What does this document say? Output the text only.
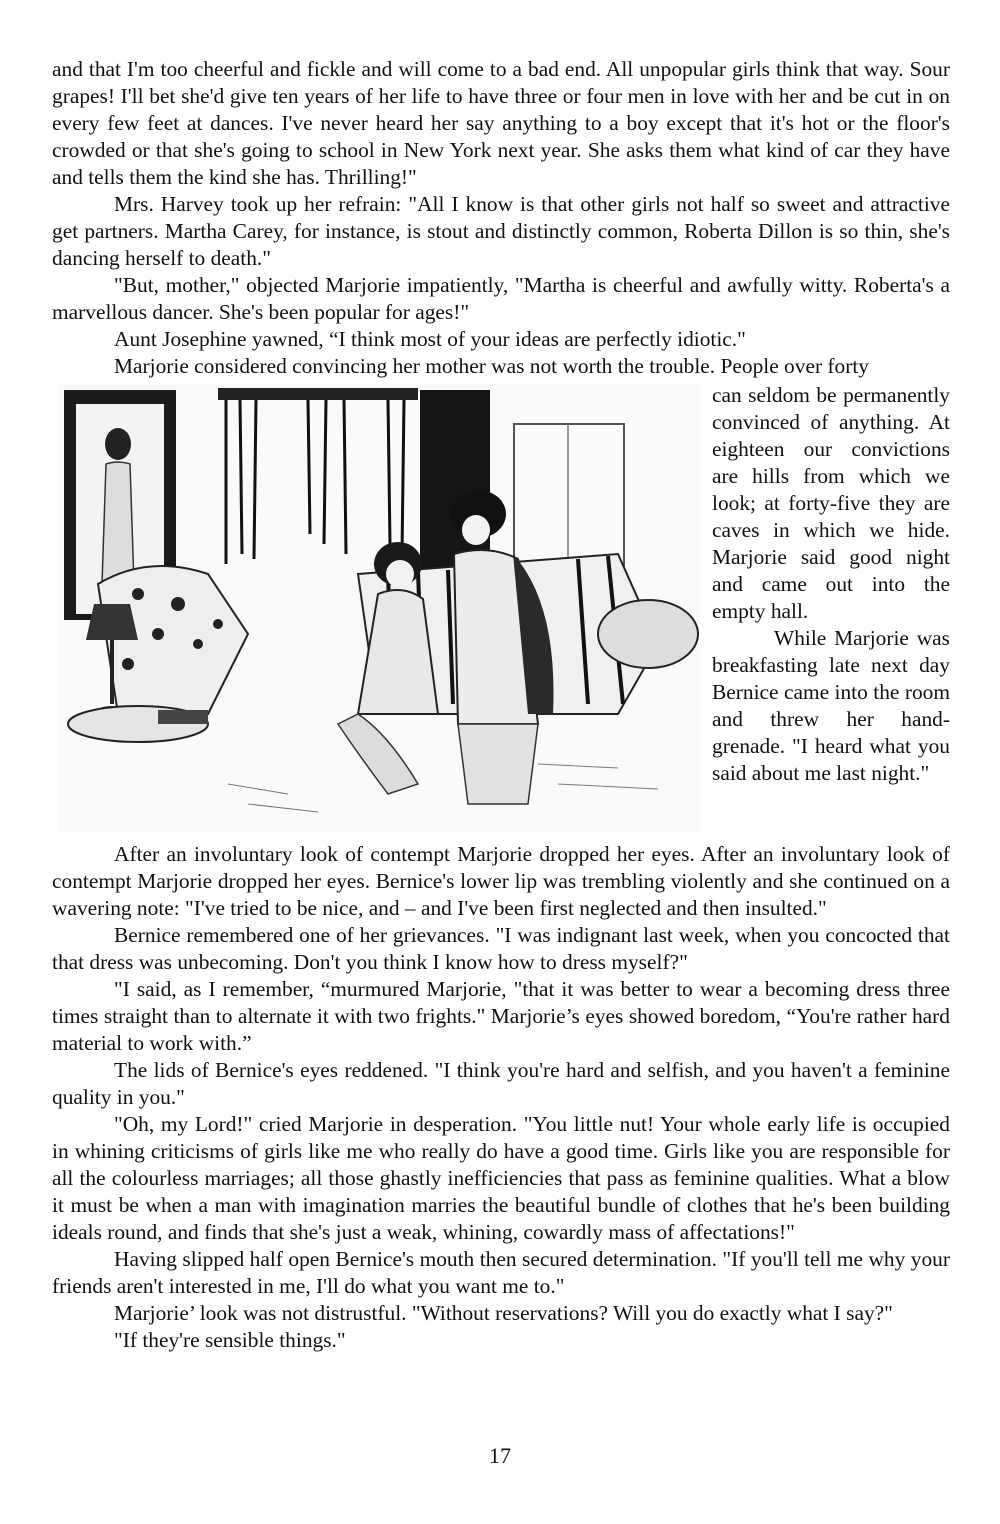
and that I'm too cheerful and fickle and will come to a bad end. All unpopular girls think that way. Sour grapes! I'll bet she'd give ten years of her life to have three or four men in love with her and be cut in on every few feet at dances. I've never heard her say anything to a boy except that it's hot or the floor's crowded or that she's going to school in New York next year. She asks them what kind of car they have and tells them the kind she has. Thrilling!"

Mrs. Harvey took up her refrain: "All I know is that other girls not half so sweet and attractive get partners. Martha Carey, for instance, is stout and distinctly common, Roberta Dillon is so thin, she's dancing herself to death."

"But, mother," objected Marjorie impatiently, "Martha is cheerful and awfully witty. Roberta's a marvellous dancer. She's been popular for ages!"

Aunt Josephine yawned, “I think most of your ideas are perfectly idiotic."

Marjorie considered convincing her mother was not worth the trouble. People over forty

can seldom be permanently convinced of anything. At eighteen our convictions are hills from which we look; at forty-five they are caves in which we hide. Marjorie said good night and came out into the empty hall.

While Marjorie was breakfasting late next day Bernice came into the room and threw her hand-grenade. "I heard what you said about me last night."

After an involuntary look of contempt Marjorie dropped her eyes. After an involuntary look of contempt Marjorie dropped her eyes. Bernice's lower lip was trembling violently and she continued on a wavering note: "I've tried to be nice, and – and I've been first neglected and then insulted."

Bernice remembered one of her grievances. "I was indignant last week, when you concocted that that dress was unbecoming. Don't you think I know how to dress myself?"

"I said, as I remember, “murmured Marjorie, "that it was better to wear a becoming dress three times straight than to alternate it with two frights." Marjorie’s eyes showed boredom, “You're rather hard material to work with.”

The lids of Bernice's eyes reddened. "I think you're hard and selfish, and you haven't a feminine quality in you."

"Oh, my Lord!" cried Marjorie in desperation. "You little nut! Your whole early life is occupied in whining criticisms of girls like me who really do have a good time. Girls like you are responsible for all the colourless marriages; all those ghastly inefficiencies that pass as feminine qualities. What a blow it must be when a man with imagination marries the beautiful bundle of clothes that he's been building ideals round, and finds that she's just a weak, whining, cowardly mass of affectations!"

Having slipped half open Bernice's mouth then secured determination. "If you'll tell me why your friends aren't interested in me, I'll do what you want me to."

Marjorie’ look was not distrustful. "Without reservations? Will you do exactly what I say?"

"If they're sensible things."

17
